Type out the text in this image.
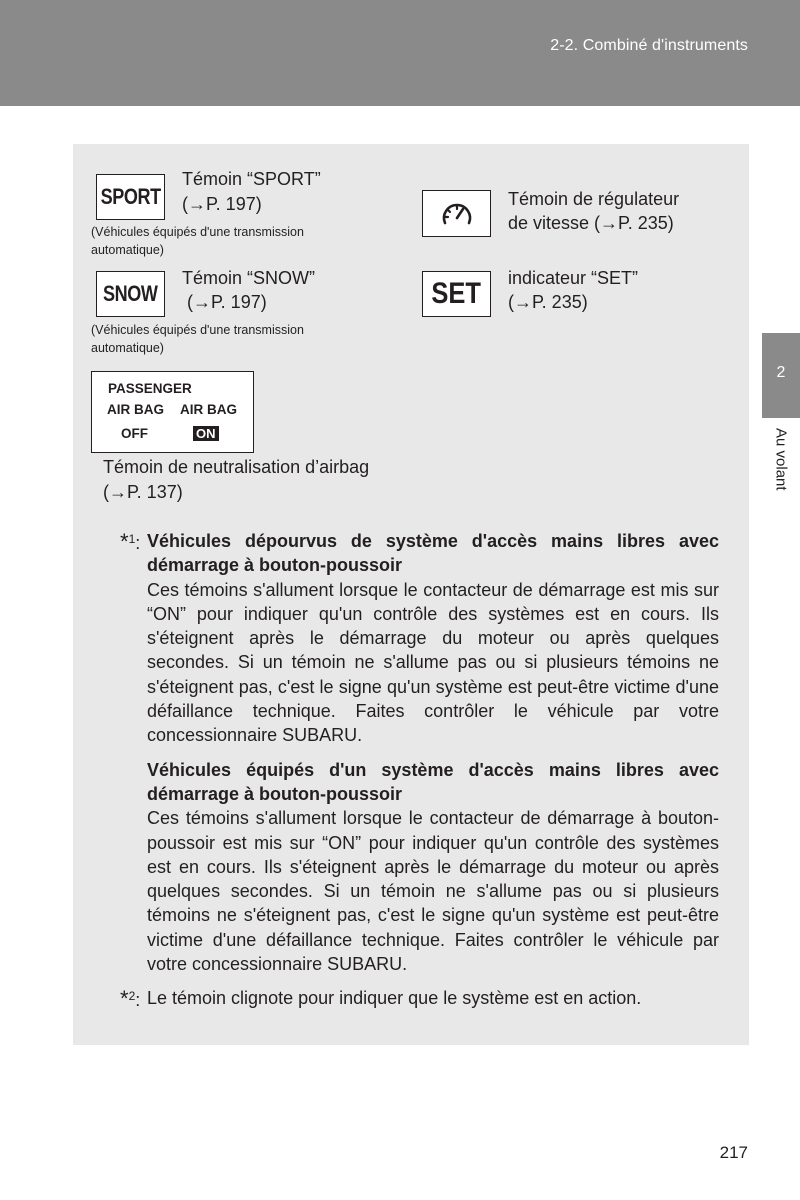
2-2. Combiné d'instruments
2
Au volant
SPORT
Témoin “SPORT”
(→P. 197)
(Véhicules équipés d'une transmission
automatique)
SNOW
Témoin “SNOW”
(→P. 197)
(Véhicules équipés d'une transmission
automatique)
Témoin de régulateur
de vitesse (→P. 235)
SET indicateur “SET”
(→P. 235)
PASSENGER
AIR BAG AIR BAG
OFF	ON
Témoin de neutralisation d’airbag
(→P. 137)
*$^1$: Véhicules dépourvus de système d'accès mains libres avec démarrage à bouton-poussoir

Ces témoins s'allument lorsque le contacteur de démarrage est mis sur “ON” pour indiquer qu'un contrôle des systèmes est en cours. Ils s'éteignent après le démarrage du moteur ou après quelques secondes. Si un témoin ne s'allume pas ou si plusieurs témoins ne s'éteignent pas, c'est le signe qu'un système est peut-être victime d'une défaillance technique. Faites contrôler le véhicule par votre concessionnaire SUBARU.

Véhicules équipés d'un système d'accès mains libres avec démarrage à bouton-poussoir

Ces témoins s'allument lorsque le contacteur de démarrage à bouton-poussoir est mis sur “ON” pour indiquer qu'un contrôle des systèmes est en cours. Ils s'éteignent après le démarrage du moteur ou après quelques secondes. Si un témoin ne s'allume pas ou si plusieurs témoins ne s'éteignent pas, c'est le signe qu'un système est peut-être victime d'une défaillance technique. Faites contrôler le véhicule par votre concessionnaire SUBARU.

*$^2$: Le témoin clignote pour indiquer que le système est en action.

217
